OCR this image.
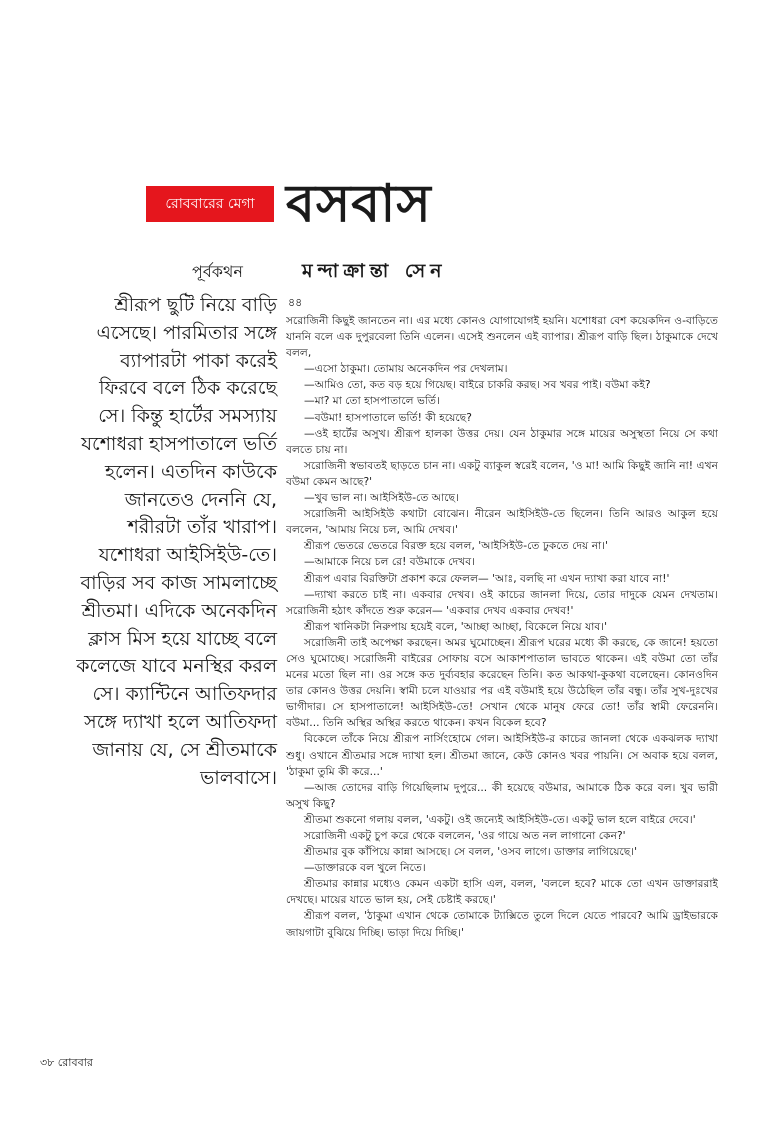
রোববারের মেগা বসবাস
পূর্বকথন	মন্দাক্রান্তা সেন

শ্রীরূপ ছুটি নিয়ে বাড়ি এসেছে। পারমিতার সঙ্গে ব্যাপারটা পাকা করেই ফিরবে বলে ঠিক করেছে সে। কিন্তু হার্টের সমস্যায় যশোধরা হাসপাতালে ভর্তি হলেন। এতদিন কাউকে জানতেও দেননি যে, শরীরটা তাঁর খারাপ। যশোধরা আইসিইউ-তে। বাড়ির সব কাজ সামলাচ্ছে শ্রীতমা। এদিকে অনেকদিন ক্লাস মিস হয়ে যাচ্ছে বলে কলেজে যাবে মনস্থির করল সে। ক্যান্টিনে আতিফদার সঙ্গে দ্যাখা হলে আতিফদা জানায় যে, সে শ্রীতমাকে ভালবাসে।

৪৪

সরোজিনী কিছুই জানতেন না। এর মধ্যে কোনও যোগাযোগই হয়নি। যশোধরা বেশ কয়েকদিন ও-বাড়িতে যাননি বলে এক দুপুরবেলা তিনি এলেন। এসেই শুনলেন এই ব্যাপার। শ্রীরূপ বাড়ি ছিল। ঠাকুমাকে দেখে বলল,

—এসো ঠাকুমা। তোমায় অনেকদিন পর দেখলাম।

—আমিও তো, কত বড় হয়ে গিয়েছ। বাইরে চাকরি করছ। সব খবর পাই। বউমা কই?

—মা? মা তো হাসপাতালে ভর্তি।

—বউমা! হাসপাতালে ভর্তি! কী হয়েছে?

—ওই হার্টের অসুখ। শ্রীরূপ হালকা উত্তর দেয়। যেন ঠাকুমার সঙ্গে মায়ের অসুস্থতা নিয়ে সে কথা বলতে চায় না।

সরোজিনী স্বভাবতই ছাড়তে চান না। একটু ব্যাকুল স্বরেই বলেন, 'ও মা! আমি কিছুই জানি না! এখন বউমা কেমন আছে?'

—খুব ভাল না। আইসিইউ-তে আছে।

সরোজিনী আইসিইউ কথাটা বোঝেন। নীরেন আইসিইউ-তে ছিলেন। তিনি আরও আকুল হয়ে বললেন, 'আমায় নিয়ে চল, আমি দেখব।'

শ্রীরূপ ভেতরে ভেতরে বিরক্ত হয়ে বলল, 'আইসিইউ-তে ঢুকতে দেয় না।'

—আমাকে নিয়ে চল রে! বউমাকে দেখব।

শ্রীরূপ এবার বিরক্তিটা প্রকাশ করে ফেলল— 'আঃ, বলছি না এখন দ্যাখা করা যাবে না!'

—দ্যাখা করতে চাই না। একবার দেখব। ওই কাচের জানলা দিয়ে, তোর দাদুকে যেমন দেখতাম। সরোজিনী হঠাৎ কাঁদতে শুরু করেন— 'একবার দেখব একবার দেখব!'

শ্রীরূপ খানিকটা নিরুপায় হয়েই বলে, 'আচ্ছা আচ্ছা, বিকেলে নিয়ে যাব।'

সরোজিনী তাই অপেক্ষা করছেন। অমর ঘুমোচ্ছেন। শ্রীরূপ ঘরের মধ্যে কী করছে, কে জানে! হয়তো সেও ঘুমোচ্ছে। সরোজিনী বাইরের সোফায় বসে আকাশপাতাল ভাবতে থাকেন। এই বউমা তো তাঁর মনের মতো ছিল না। ওর সঙ্গে কত দুর্ব্যবহার করেছেন তিনি। কত আকথা-কুকথা বলেছেন। কোনওদিন তার কোনও উত্তর দেয়নি। স্বামী চলে যাওয়ার পর এই বউমাই হয়ে উঠেছিল তাঁর বন্ধু। তাঁর সুখ-দুঃখের ভাগীদার। সে হাসপাতালে! আইসিইউ-তে! সেখান থেকে মানুষ ফেরে তো! তাঁর স্বামী ফেরেননি। বউমা... তিনি অস্থির অস্থির করতে থাকেন। কখন বিকেল হবে?

বিকেলে তাঁকে নিয়ে শ্রীরূপ নার্সিংহোমে গেল। আইসিইউ-র কাচের জানলা থেকে একঝলক দ্যাখা শুধু। ওখানে শ্রীতমার সঙ্গে দ্যাখা হল। শ্রীতমা জানে, কেউ কোনও খবর পায়নি। সে অবাক হয়ে বলল, 'ঠাকুমা তুমি কী করে...'

—আজ তোদের বাড়ি গিয়েছিলাম দুপুরে... কী হয়েছে বউমার, আমাকে ঠিক করে বল। খুব ভারী অসুখ কিছু?

শ্রীতমা শুকনো গলায় বলল, 'একটু। ওই জন্যেই আইসিইউ-তে। একটু ভাল হলে বাইরে দেবে।'

সরোজিনী একটু চুপ করে থেকে বললেন, 'ওর গায়ে অত নল লাগানো কেন?'

শ্রীতমার বুক কাঁপিয়ে কান্না আসছে। সে বলল, 'ওসব লাগে। ডাক্তার লাগিয়েছে।'

—ডাক্তারকে বল খুলে নিতে।

শ্রীতমার কান্নার মধ্যেও কেমন একটা হাসি এল, বলল, 'বললে হবে? মাকে তো এখন ডাক্তাররাই দেখছে। মায়ের যাতে ভাল হয়, সেই চেষ্টাই করছে।'

শ্রীরূপ বলল, 'ঠাকুমা এখান থেকে তোমাকে ট্যাক্সিতে তুলে দিলে যেতে পারবে? আমি ড্রাইভারকে জায়গাটা বুঝিয়ে দিচ্ছি। ভাড়া দিয়ে দিচ্ছি।'

৩৮ রোববার
